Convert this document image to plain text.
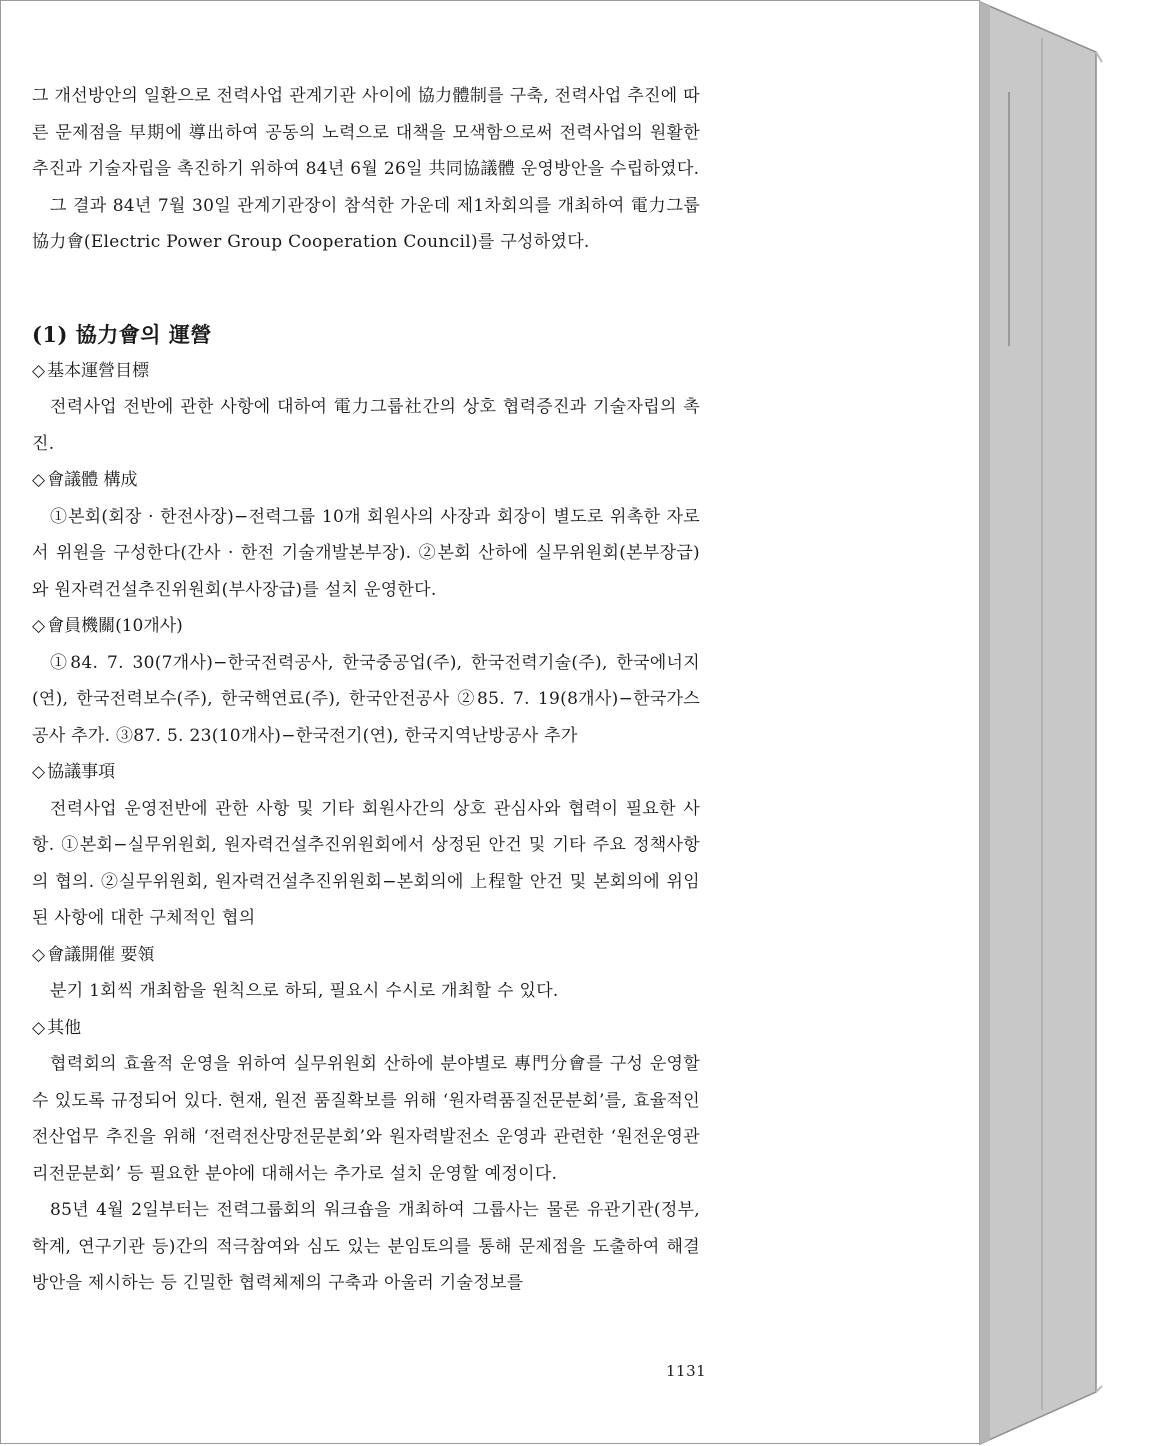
그 개선방안의 일환으로 전력사업 관계기관 사이에 協力體制를 구축, 전력사업 추진에 따른 문제점을 早期에 導出하여 공동의 노력으로 대책을 모색함으로써 전력사업의 원활한 추진과 기술자립을 촉진하기 위하여 84년 6월 26일 共同協議體 운영방안을 수립하였다.

그 결과 84년 7월 30일 관계기관장이 참석한 가운데 제1차회의를 개최하여 電力그룹協力會(Electric Power Group Cooperation Council)를 구성하였다.

(1) 協力會의 運營

◇ 基本運營目標

전력사업 전반에 관한 사항에 대하여 電力그룹社간의 상호 협력증진과 기술자립의 촉진.

◇ 會議體 構成

①본회(회장 · 한전사장)−전력그룹 10개 회원사의 사장과 회장이 별도로 위촉한 자로서 위원을 구성한다(간사 · 한전 기술개발본부장). ②본회 산하에 실무위원회(본부장급)와 원자력건설추진위원회(부사장급)를 설치 운영한다.

◇ 會員機關(10개사)

①84. 7. 30(7개사)−한국전력공사, 한국중공업(주), 한국전력기술(주), 한국에너지(연), 한국전력보수(주), 한국핵연료(주), 한국안전공사 ②85. 7. 19(8개사)−한국가스공사 추가. ③87. 5. 23(10개사)−한국전기(연), 한국지역난방공사 추가

◇ 協議事項

전력사업 운영전반에 관한 사항 및 기타 회원사간의 상호 관심사와 협력이 필요한 사항. ①본회−실무위원회, 원자력건설추진위원회에서 상정된 안건 및 기타 주요 정책사항의 협의. ②실무위원회, 원자력건설추진위원회−본회의에 上程할 안건 및 본회의에 위임된 사항에 대한 구체적인 협의

◇ 會議開催 要領

분기 1회씩 개최함을 원칙으로 하되, 필요시 수시로 개최할 수 있다.

◇ 其他

협력회의 효율적 운영을 위하여 실무위원회 산하에 분야별로 專門分會를 구성 운영할 수 있도록 규정되어 있다. 현재, 원전 품질확보를 위해 ‘원자력품질전문분회’를, 효율적인 전산업무 추진을 위해 ‘전력전산망전문분회’와 원자력발전소 운영과 관련한 ‘원전운영관리전문분회’ 등 필요한 분야에 대해서는 추가로 설치 운영할 예정이다.

85년 4월 2일부터는 전력그룹회의 워크숍을 개최하여 그룹사는 물론 유관기관(정부, 학계, 연구기관 등)간의 적극참여와 심도 있는 분임토의를 통해 문제점을 도출하여 해결방안을 제시하는 등 긴밀한 협력체제의 구축과 아울러 기술정보를

1131
